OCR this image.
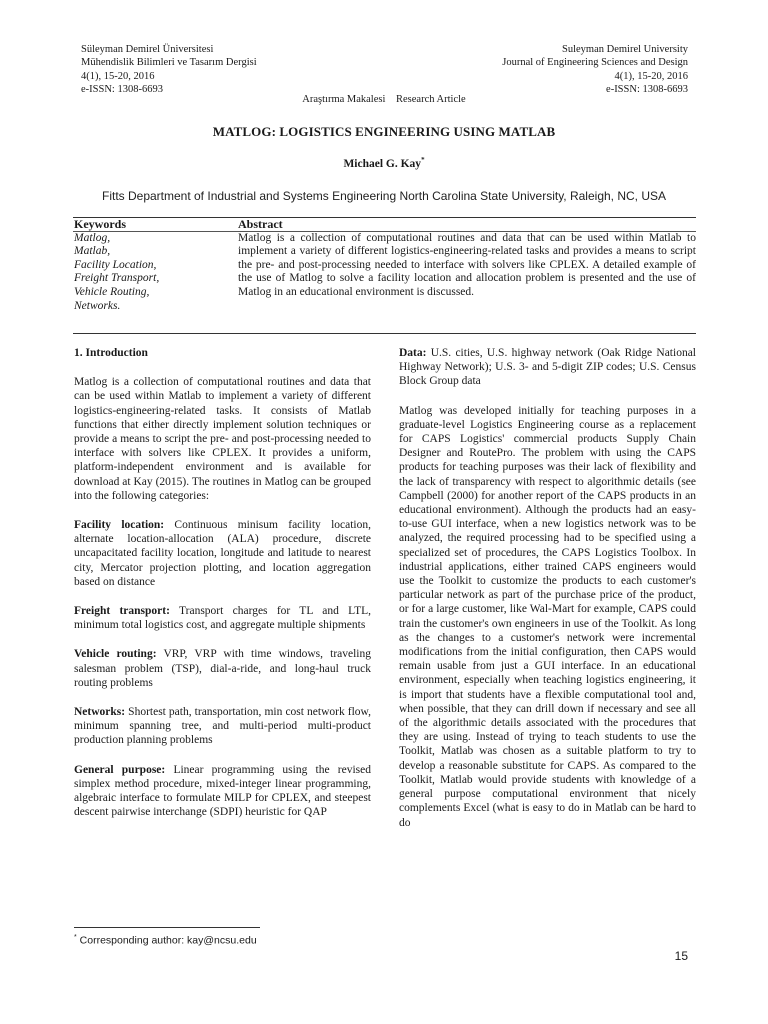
Süleyman Demirel Üniversitesi
Mühendislik Bilimleri ve Tasarım Dergisi
4(1), 15-20, 2016
e-ISSN: 1308-6693
Suleyman Demirel University
Journal of Engineering Sciences and Design
4(1), 15-20, 2016
e-ISSN: 1308-6693
Araştırma Makalesi Research Article
MATLOG: LOGISTICS ENGINEERING USING MATLAB
Michael G. Kay*
Fitts Department of Industrial and Systems Engineering North Carolina State University, Raleigh, NC, USA
Keywords
Matlog,
Matlab,
Facility Location,
Freight Transport,
Vehicle Routing,
Networks.
Abstract
Matlog is a collection of computational routines and data that can be used within Matlab to implement a variety of different logistics-engineering-related tasks and provides a means to script the pre- and post-processing needed to interface with solvers like CPLEX. A detailed example of the use of Matlog to solve a facility location and allocation problem is presented and the use of Matlog in an educational environment is discussed.
1. Introduction

Matlog is a collection of computational routines and data that can be used within Matlab to implement a variety of different logistics-engineering-related tasks. It consists of Matlab functions that either directly implement solution techniques or provide a means to script the pre- and post-processing needed to interface with solvers like CPLEX. It provides a uniform, platform-independent environment and is available for download at Kay (2015). The routines in Matlog can be grouped into the following categories:

Facility location: Continuous minisum facility location, alternate location-allocation (ALA) procedure, discrete uncapacitated facility location, longitude and latitude to nearest city, Mercator projection plotting, and location aggregation based on distance

Freight transport: Transport charges for TL and LTL, minimum total logistics cost, and aggregate multiple shipments

Vehicle routing: VRP, VRP with time windows, traveling salesman problem (TSP), dial-a-ride, and long-haul truck routing problems

Networks: Shortest path, transportation, min cost network flow, minimum spanning tree, and multi-period multi-product production planning problems

General purpose: Linear programming using the revised simplex method procedure, mixed-integer linear programming, algebraic interface to formulate MILP for CPLEX, and steepest descent pairwise interchange (SDPI) heuristic for QAP

Data: U.S. cities, U.S. highway network (Oak Ridge National Highway Network); U.S. 3- and 5-digit ZIP codes; U.S. Census Block Group data

Matlog was developed initially for teaching purposes in a graduate-level Logistics Engineering course as a replacement for CAPS Logistics' commercial products Supply Chain Designer and RoutePro. The problem with using the CAPS products for teaching purposes was their lack of flexibility and the lack of transparency with respect to algorithmic details (see Campbell (2000) for another report of the CAPS products in an educational environment). Although the products had an easy-to-use GUI interface, when a new logistics network was to be analyzed, the required processing had to be specified using a specialized set of procedures, the CAPS Logistics Toolbox. In industrial applications, either trained CAPS engineers would use the Toolkit to customize the products to each customer's particular network as part of the purchase price of the product, or for a large customer, like Wal-Mart for example, CAPS could train the customer's own engineers in use of the Toolkit. As long as the changes to a customer's network were incremental modifications from the initial configuration, then CAPS would remain usable from just a GUI interface. In an educational environment, especially when teaching logistics engineering, it is import that students have a flexible computational tool and, when possible, that they can drill down if necessary and see all of the algorithmic details associated with the procedures that they are using. Instead of trying to teach students to use the Toolkit, Matlab was chosen as a suitable platform to try to develop a reasonable substitute for CAPS. As compared to the Toolkit, Matlab would provide students with knowledge of a general purpose computational environment that nicely complements Excel (what is easy to do in Matlab can be hard to do

* Corresponding author: kay@ncsu.edu
15
